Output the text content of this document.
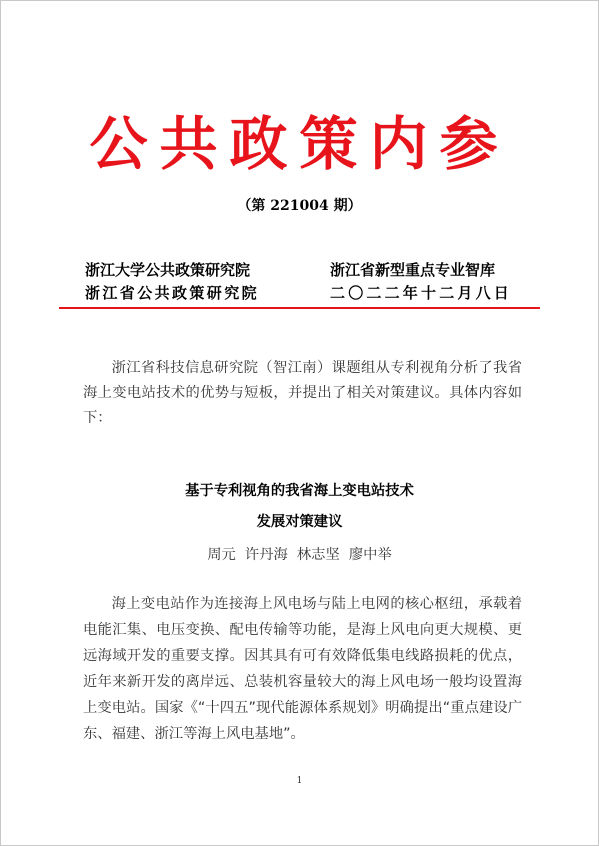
公共政策内参
（第 221004 期）
浙江大学公共政策研究院	浙江省新型重点专业智库
浙江省公共政策研究院	二〇二二年十二月八日
浙江省科技信息研究院（智江南）课题组从专利视角分析了我省海上变电站技术的优势与短板，并提出了相关对策建议。具体内容如下：
基于专利视角的我省海上变电站技术
发展对策建议
周元  许丹海  林志坚  廖中举
海上变电站作为连接海上风电场与陆上电网的核心枢纽，承载着电能汇集、电压变换、配电传输等功能，是海上风电向更大规模、更远海域开发的重要支撑。因其具有可有效降低集电线路损耗的优点，近年来新开发的离岸远、总装机容量较大的海上风电场一般均设置海上变电站。国家《“十四五”现代能源体系规划》明确提出“重点建设广东、福建、浙江等海上风电基地”。
1
